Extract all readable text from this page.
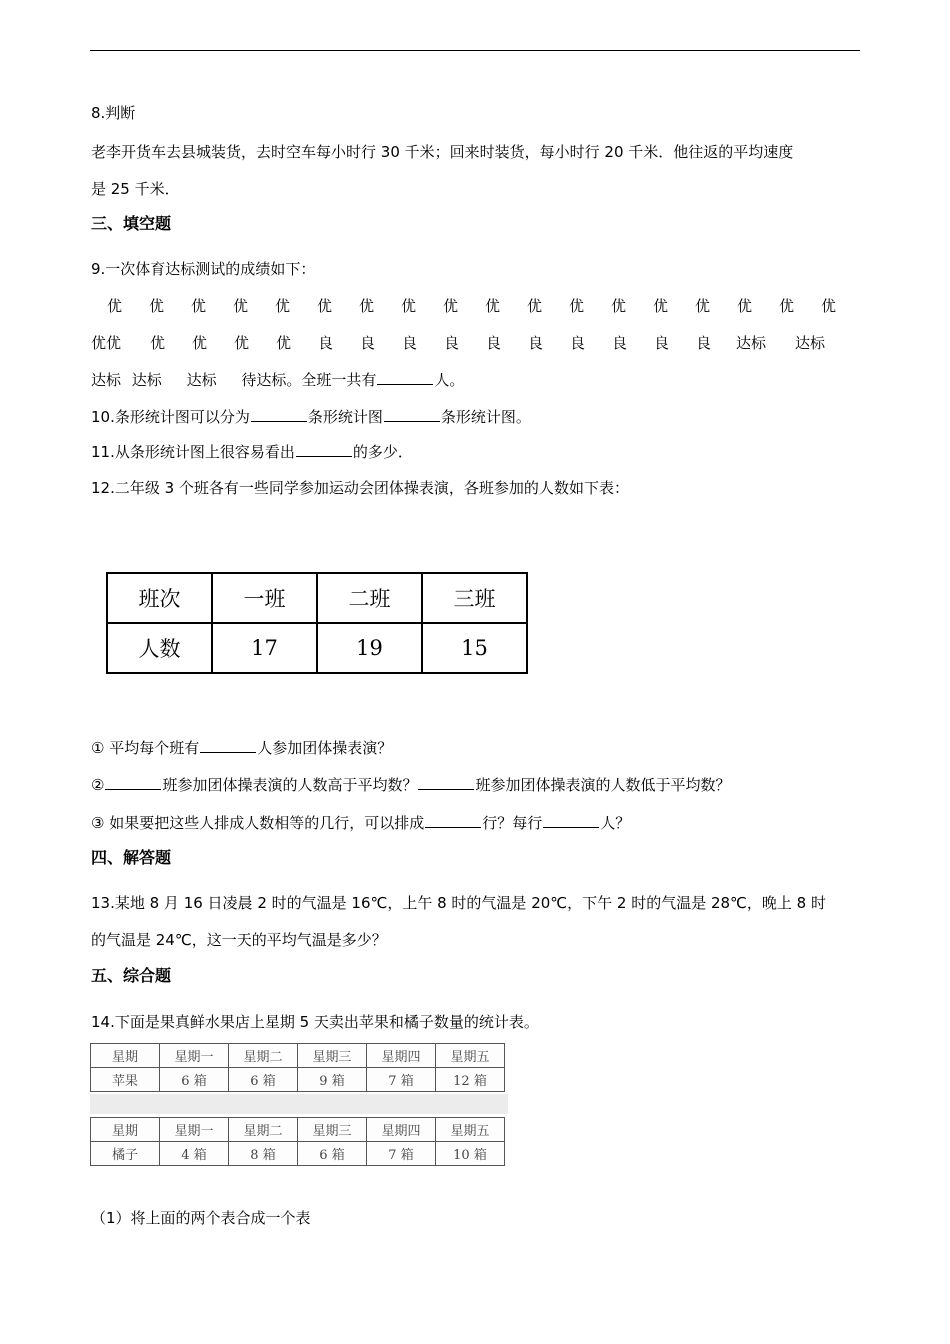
8.判断
老李开货车去县城装货，去时空车每小时行 30 千米；回来时装货，每小时行 20 千米．他往返的平均速度
是 25 千米．
三、填空题
9.一次体育达标测试的成绩如下：
优 优 优 优 优 优 优 优 优 优 优 优 优 优 优 优 优 优
优优 优 优 优 优 良 良 良 良 良 良 良 良 良 良 达标 达标
达标 达标 达标 待达标。全班一共有	人。
10.条形统计图可以分为	条形统计图	条形统计图。
11.从条形统计图上很容易看出	的多少．
12.二年级 3 个班各有一些同学参加运动会团体操表演，各班参加的人数如下表：
班次	一班	二班	三班
人数	17	19	15
① 平均每个班有	人参加团体操表演？
②	班参加团体操表演的人数高于平均数？	班参加团体操表演的人数低于平均数？
③ 如果要把这些人排成人数相等的几行，可以排成	行？每行	人？
四、解答题
13.某地 8 月 16 日凌晨 2 时的气温是 16℃，上午 8 时的气温是 20℃，下午 2 时的气温是 28℃，晚上 8 时
的气温是 24℃，这一天的平均气温是多少？
五、综合题
14.下面是果真鲜水果店上星期 5 天卖出苹果和橘子数量的统计表。
星期	星期一	星期二	星期三	星期四	星期五
苹果	6 箱	6 箱	9 箱	7 箱	12 箱
星期	星期一	星期二	星期三	星期四	星期五
橘子	4 箱	8 箱	6 箱	7 箱	10 箱
（1）将上面的两个表合成一个表
